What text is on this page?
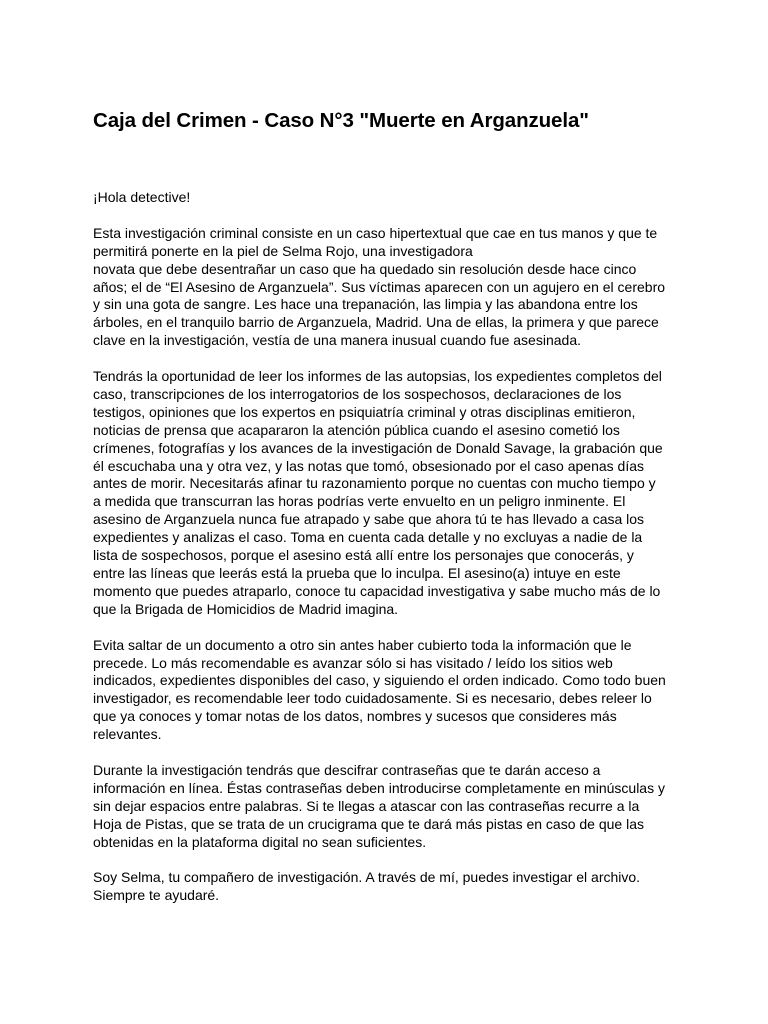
Caja del Crimen - Caso N°3 "Muerte en Arganzuela"

¡Hola detective!

Esta investigación criminal consiste en un caso hipertextual que cae en tus manos y que te
permitirá ponerte en la piel de Selma Rojo, una investigadora
novata que debe desentrañar un caso que ha quedado sin resolución desde hace cinco
años; el de “El Asesino de Arganzuela”. Sus víctimas aparecen con un agujero en el cerebro
y sin una gota de sangre. Les hace una trepanación, las limpia y las abandona entre los
árboles, en el tranquilo barrio de Arganzuela, Madrid. Una de ellas, la primera y que parece
clave en la investigación, vestía de una manera inusual cuando fue asesinada.

Tendrás la oportunidad de leer los informes de las autopsias, los expedientes completos del
caso, transcripciones de los interrogatorios de los sospechosos, declaraciones de los
testigos, opiniones que los expertos en psiquiatría criminal y otras disciplinas emitieron,
noticias de prensa que acapararon la atención pública cuando el asesino cometió los
crímenes, fotografías y los avances de la investigación de Donald Savage, la grabación que
él escuchaba una y otra vez, y las notas que tomó, obsesionado por el caso apenas días
antes de morir. Necesitarás afinar tu razonamiento porque no cuentas con mucho tiempo y
a medida que transcurran las horas podrías verte envuelto en un peligro inminente. El
asesino de Arganzuela nunca fue atrapado y sabe que ahora tú te has llevado a casa los
expedientes y analizas el caso. Toma en cuenta cada detalle y no excluyas a nadie de la
lista de sospechosos, porque el asesino está allí entre los personajes que conocerás, y
entre las líneas que leerás está la prueba que lo inculpa. El asesino(a) intuye en este
momento que puedes atraparlo, conoce tu capacidad investigativa y sabe mucho más de lo
que la Brigada de Homicidios de Madrid imagina.

Evita saltar de un documento a otro sin antes haber cubierto toda la información que le
precede. Lo más recomendable es avanzar sólo si has visitado / leído los sitios web
indicados, expedientes disponibles del caso, y siguiendo el orden indicado. Como todo buen
investigador, es recomendable leer todo cuidadosamente. Si es necesario, debes releer lo
que ya conoces y tomar notas de los datos, nombres y sucesos que consideres más
relevantes.

Durante la investigación tendrás que descifrar contraseñas que te darán acceso a
información en línea. Éstas contraseñas deben introducirse completamente en minúsculas y
sin dejar espacios entre palabras. Si te llegas a atascar con las contraseñas recurre a la
Hoja de Pistas, que se trata de un crucigrama que te dará más pistas en caso de que las
obtenidas en la plataforma digital no sean suficientes.

Soy Selma, tu compañero de investigación. A través de mí, puedes investigar el archivo.
Siempre te ayudaré.
